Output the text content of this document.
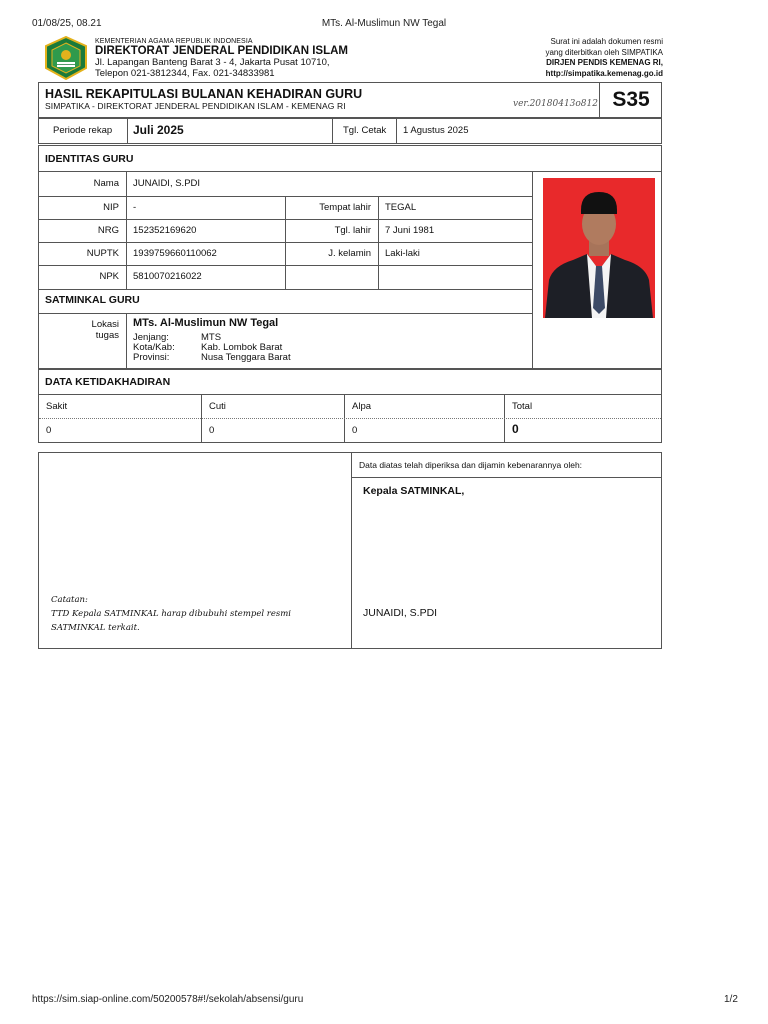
01/08/25, 08.21	MTs. Al-Muslimun NW Tegal
https://sim.siap-online.com/50200578#!/sekolah/absensi/guru	1/2
KEMENTERIAN AGAMA REPUBLIK INDONESIA
DIREKTORAT JENDERAL PENDIDIKAN ISLAM
Jl. Lapangan Banteng Barat 3 - 4, Jakarta Pusat 10710,
Telepon 021-3812344, Fax. 021-34833981
Surat ini adalah dokumen resmi
yang diterbitkan oleh SIMPATIKA
DIRJEN PENDIS KEMENAG RI,
http://simpatika.kemenag.go.id
HASIL REKAPITULASI BULANAN KEHADIRAN GURU
SIMPATIKA - DIREKTORAT JENDERAL PENDIDIKAN ISLAM - KEMENAG RI	ver.20180413o812 S35
Periode rekap Juli 2025	Tgl. Cetak 1 Agustus 2025
IDENTITAS GURU
Nama JUNAIDI, S.PDI
NIP -	Tempat lahir TEGAL
NRG 152352169620	Tgl. lahir 7 Juni 1981
NUPTK 1939759660110062	J. kelamin Laki-laki
NPK 5810070216022
SATMINKAL GURU
Lokasi
tugas
MTs. Al-Muslimun NW Tegal
Jenjang:	MTS
Kota/Kab:	Kab. Lombok Barat
Provinsi:	Nusa Tenggara Barat
DATA KETIDAKHADIRAN
Sakit	Cuti	Alpa	Total
0	0	0	0
Data diatas telah diperiksa dan dijamin kebenarannya oleh:
Kepala SATMINKAL,
JUNAIDI, S.PDI
Catatan:
TTD Kepala SATMINKAL harap dibubuhi stempel resmi
SATMINKAL terkait.
